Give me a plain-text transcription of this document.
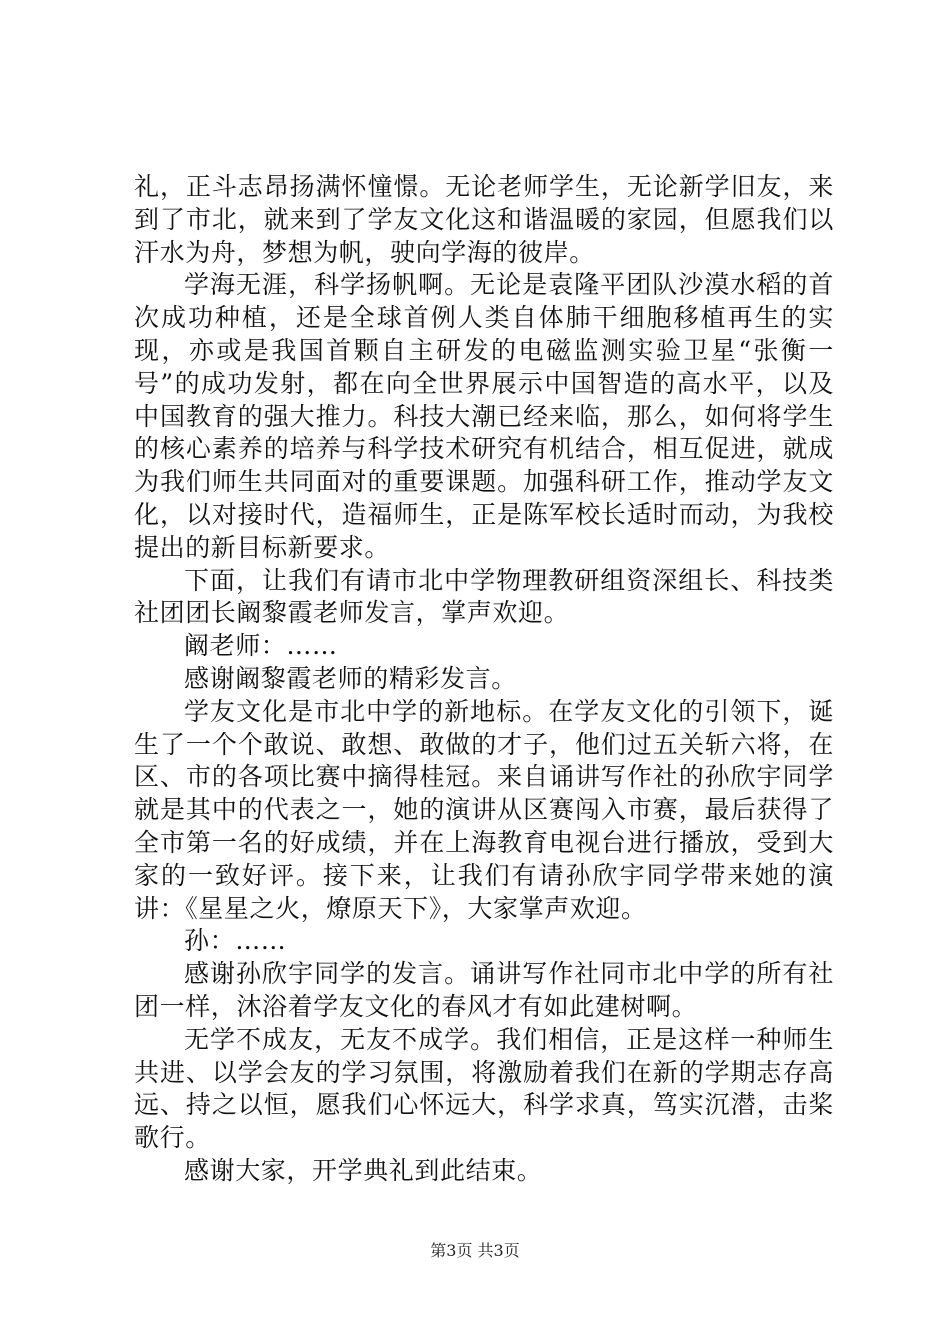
礼，正斗志昂扬满怀憧憬。无论老师学生，无论新学旧友，来到了市北，就来到了学友文化这和谐温暖的家园，但愿我们以汗水为舟，梦想为帆，驶向学海的彼岸。

学海无涯，科学扬帆啊。无论是袁隆平团队沙漠水稻的首次成功种植，还是全球首例人类自体肺干细胞移植再生的实现，亦或是我国首颗自主研发的电磁监测实验卫星“张衡一号”的成功发射，都在向全世界展示中国智造的高水平，以及中国教育的强大推力。科技大潮已经来临，那么，如何将学生的核心素养的培养与科学技术研究有机结合，相互促进，就成为我们师生共同面对的重要课题。加强科研工作，推动学友文化，以对接时代，造福师生，正是陈军校长适时而动，为我校提出的新目标新要求。

下面，让我们有请市北中学物理教研组资深组长、科技类社团团长阚黎霞老师发言，掌声欢迎。

阚老师：……

感谢阚黎霞老师的精彩发言。

学友文化是市北中学的新地标。在学友文化的引领下，诞生了一个个敢说、敢想、敢做的才子，他们过五关斩六将，在区、市的各项比赛中摘得桂冠。来自诵讲写作社的孙欣宇同学就是其中的代表之一，她的演讲从区赛闯入市赛，最后获得了全市第一名的好成绩，并在上海教育电视台进行播放，受到大家的一致好评。接下来，让我们有请孙欣宇同学带来她的演讲：《星星之火，燎原天下》，大家掌声欢迎。

孙：……

感谢孙欣宇同学的发言。诵讲写作社同市北中学的所有社团一样，沐浴着学友文化的春风才有如此建树啊。

无学不成友，无友不成学。我们相信，正是这样一种师生共进、以学会友的学习氛围，将激励着我们在新的学期志存高远、持之以恒，愿我们心怀远大，科学求真，笃实沉潜，击桨歌行。

感谢大家，开学典礼到此结束。

第3页 共3页
